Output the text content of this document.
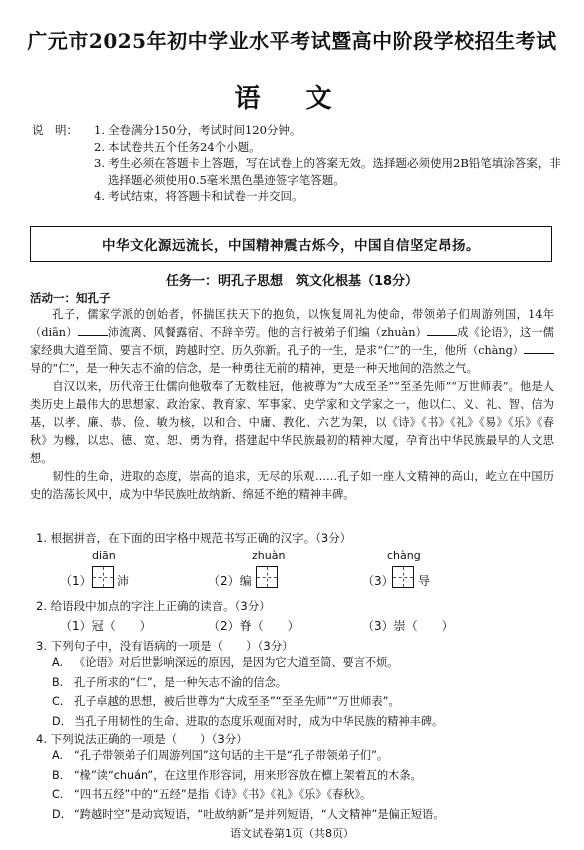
广元市2025年初中学业水平考试暨高中阶段学校招生考试
语 文
说　明：	1. 全卷满分150分，考试时间120分钟。
2. 本试卷共五个任务24个小题。
3. 考生必须在答题卡上答题，写在试卷上的答案无效。选择题必须使用2B铅笔填涂答案，非选择题必须使用0.5毫米黑色墨迹签字笔答题。
4. 考试结束，将答题卡和试卷一并交回。
中华文化源远流长，中国精神震古烁今，中国自信坚定昂扬。
任务一：明孔子思想　筑文化根基（18分）
活动一：知孔子

孔子，儒家学派的创始者，怀揣匡扶天下的抱负，以恢复周礼为使命，带领弟子们周游列国，14年（diān）	沛流离、风餐露宿、不辞辛劳。他的言行被弟子们编（zhuàn）	成《论语》，这一儒家经典大道至简、要言不烦，跨越时空、历久弥新。孔子的一生，是求“仁”的一生，他所（chàng）导的“仁”，是一种矢志不渝的信念，是一种勇往无前的精神，更是一种天地间的浩然之气。

自汉以来，历代帝王仕儒向他敬奉了无数桂冠，他被尊为“大成至圣”“至圣先师”“万世师表”。他是人类历史上最伟大的思想家、政治家、教育家、军事家、史学家和文学家之一，他以仁、义、礼、智、信为基，以孝、廉、恭、俭、敏为核，以和合、中庸、教化、六艺为架，以《诗》《书》《礼》《易》《乐》《春秋》为橼，以忠、德、宽、恕、勇为脊，搭建起中华民族最初的精神大厦，孕育出中华民族最早的人文思想。

韧性的生命，进取的态度，崇高的追求，无尽的乐观……孔子如一座人文精神的高山，屹立在中国历史的浩荡长风中，成为中华民族吐故纳新、绵延不绝的精神丰碑。

1. 根据拼音，在下面的田字格中规范书写正确的汉字。（3分）
diān	zhuàn	chàng
（1） 沛	（2）编	（3） 导
2. 给语段中加点的字注上正确的读音。（3分）
（1）冠（　　）	（2）脊（　　）	（3）崇（　　）
3. 下列句子中，没有语病的一项是（　　）（3分）
A. 《论语》对后世影响深远的原因，是因为它大道至简、要言不烦。
B. 孔子所求的“仁”，是一种矢志不渝的信念。
C. 孔子卓越的思想，被后世尊为“大成至圣”“至圣先师”“万世师表”。
D. 当孔子用韧性的生命、进取的态度乐观面对时，成为中华民族的精神丰碑。
4. 下列说法正确的一项是（　　）（3分）
A. “孔子带领弟子们周游列国”这句话的主干是“孔子带领弟子们”。
B. “椽”读“chuán”，在这里作形容词，用来形容放在檩上架着瓦的木条。
C. “四书五经”中的“五经”是指《诗》《书》《礼》《乐》《春秋》。
D. “跨越时空”是动宾短语，“吐故纳新”是并列短语，“人文精神”是偏正短语。
语文试卷第1页（共8页）
